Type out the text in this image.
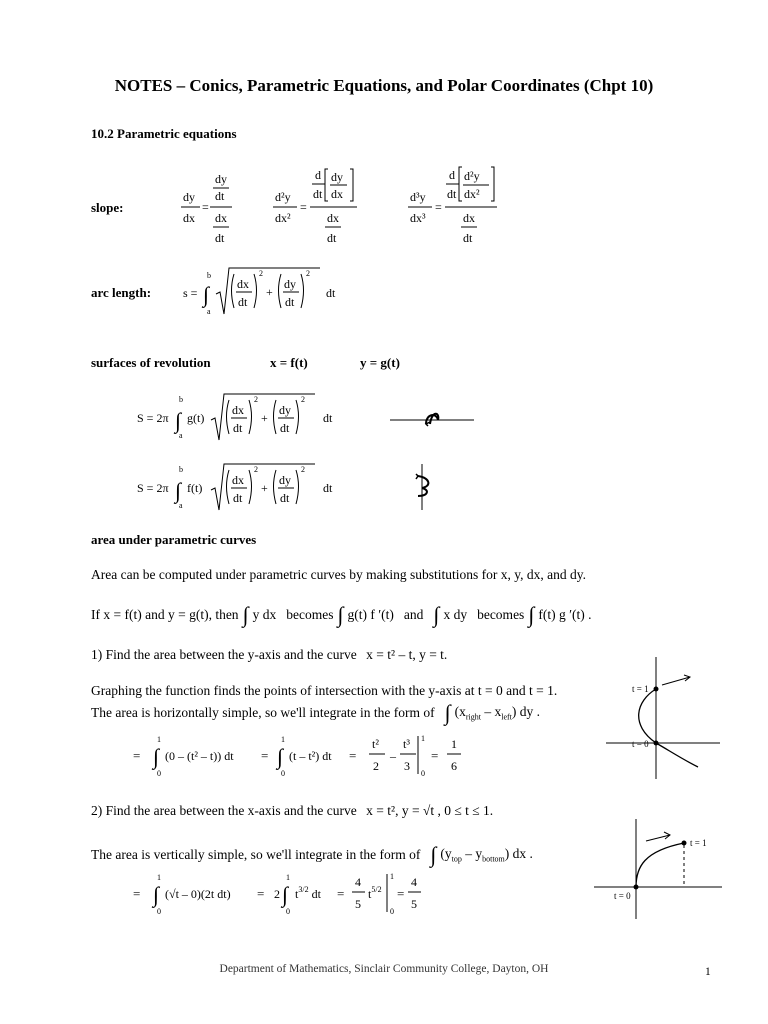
NOTES – Conics, Parametric Equations, and Polar Coordinates (Chpt 10)
10.2 Parametric equations
slope:
dy
dx
=
dy
dt
dx
dt
d²y
dx²
=
d
dt
dy
dx
dx
dt
d³y
dx³
=
d
dt
d²y
dx²
dx
dt
arc length:	s = ∫
b
a
dx
dt
2
+
dy
dt
2
dt
surfaces of revolution	x = f(t)	y = g(t)
S = 2π ∫
b
a
g(t)
dx
dt
2
+
dy
dt
2
dt
S = 2π ∫
b
a
f(t)
dx
dt
2
+
dy
dt
2
dt
area under parametric curves
Area can be computed under parametric curves by making substitutions for x, y, dx, and dy.
If x = f(t) and y = g(t), then ∫ y dx becomes ∫ g(t) f ′(t) and ∫ x dy becomes ∫ f(t) g ′(t) .
1) Find the area between the y-axis and the curve x = t² – t, y = t.
Graphing the function finds the points of intersection with the y-axis at t = 0 and t = 1.
The area is horizontally simple, so we'll integrate in the form of ∫ $(x_{right} - x_{left})$ dy .
= ∫
1
0
(0 – (t² – t)) dt = ∫
1
0
(t – t²) dt =
t²
2
–
t³
3
1
0
=
1
6
t = 1
t = 0
2) Find the area between the x-axis and the curve x = t², y = √t , 0 ≤ t ≤ 1.
The area is vertically simple, so we'll integrate in the form of ∫ $(y_{top} - y_{bottom})$ dx .
= ∫
1
0
(√t – 0)(2t dt) = 2 ∫
1
0
$t^{3/2}$ dt =
4
5
$t^{5/2}$
1
0
=
4
5
t = 1
t = 0
Department of Mathematics, Sinclair Community College, Dayton, OH	1
